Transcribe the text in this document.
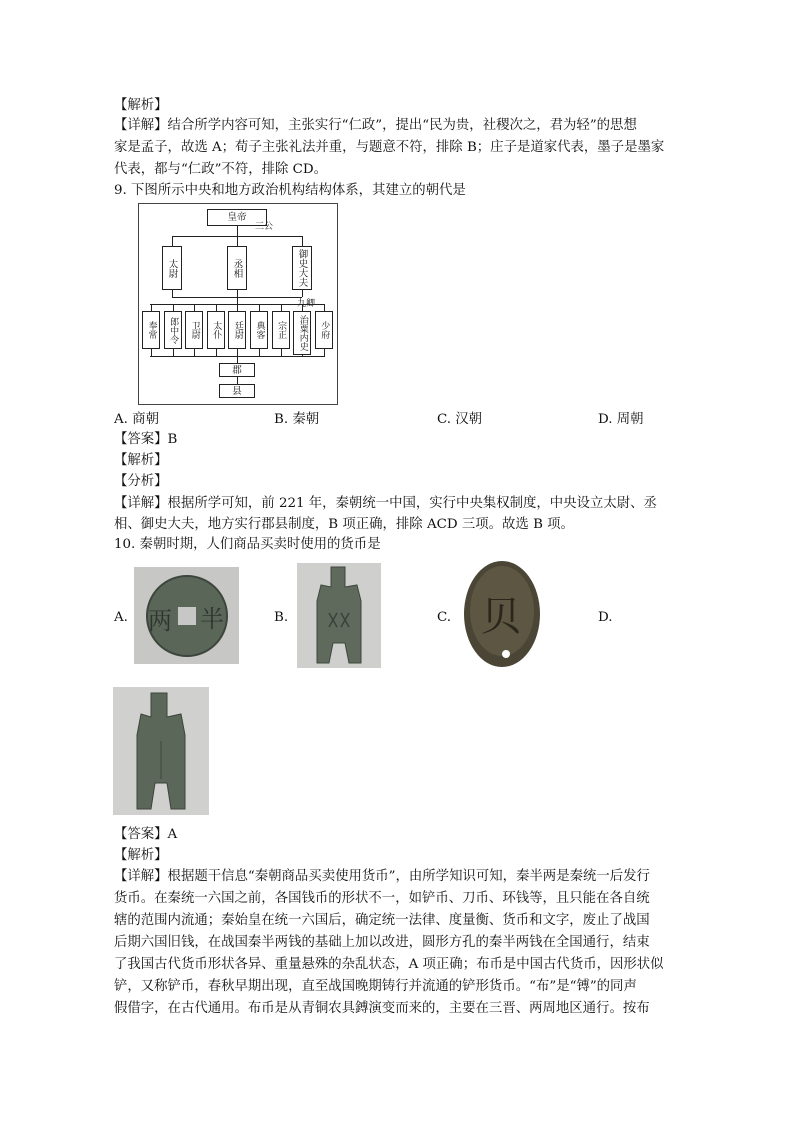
【解析】
【详解】结合所学内容可知，主张实行“仁政”，提出“民为贵，社稷次之，君为轻”的思想
家是孟子，故选 A；荀子主张礼法并重，与题意不符，排除 B；庄子是道家代表，墨子是墨家
代表，都与“仁政”不符，排除 CD。
9. 下图所示中央和地方政治机构结构体系，其建立的朝代是
皇帝
三公
太尉	丞相	御史大夫
九卿
奉常	郎中令	卫尉	太仆	廷尉	典客	宗正	治粟内史	少府
郡
县
A. 商朝	B. 秦朝	C. 汉朝	D. 周朝
【答案】B
【解析】
【分析】
【详解】根据所学可知，前 221 年，秦朝统一中国，实行中央集权制度，中央设立太尉、丞
相、御史大夫，地方实行郡县制度，B 项正确，排除 ACD 三项。故选 B 项。
10. 秦朝时期，人们商品买卖时使用的货币是
A.	B.	C.	D.
两 半	贝
【答案】A
【解析】
【详解】根据题干信息“秦朝商品买卖使用货币”，由所学知识可知，秦半两是秦统一后发行
货币。在秦统一六国之前，各国钱币的形状不一，如铲币、刀币、环钱等，且只能在各自统
辖的范围内流通；秦始皇在统一六国后，确定统一法律、度量衡、货币和文字，废止了战国
后期六国旧钱，在战国秦半两钱的基础上加以改进，圆形方孔的秦半两钱在全国通行，结束
了我国古代货币形状各异、重量悬殊的杂乱状态，A 项正确；布币是中国古代货币，因形状似
铲，又称铲币，春秋早期出现，直至战国晚期铸行并流通的铲形货币。“布”是“镈”的同声
假借字，在古代通用。布币是从青铜农具鎛演变而来的，主要在三晋、两周地区通行。按布
